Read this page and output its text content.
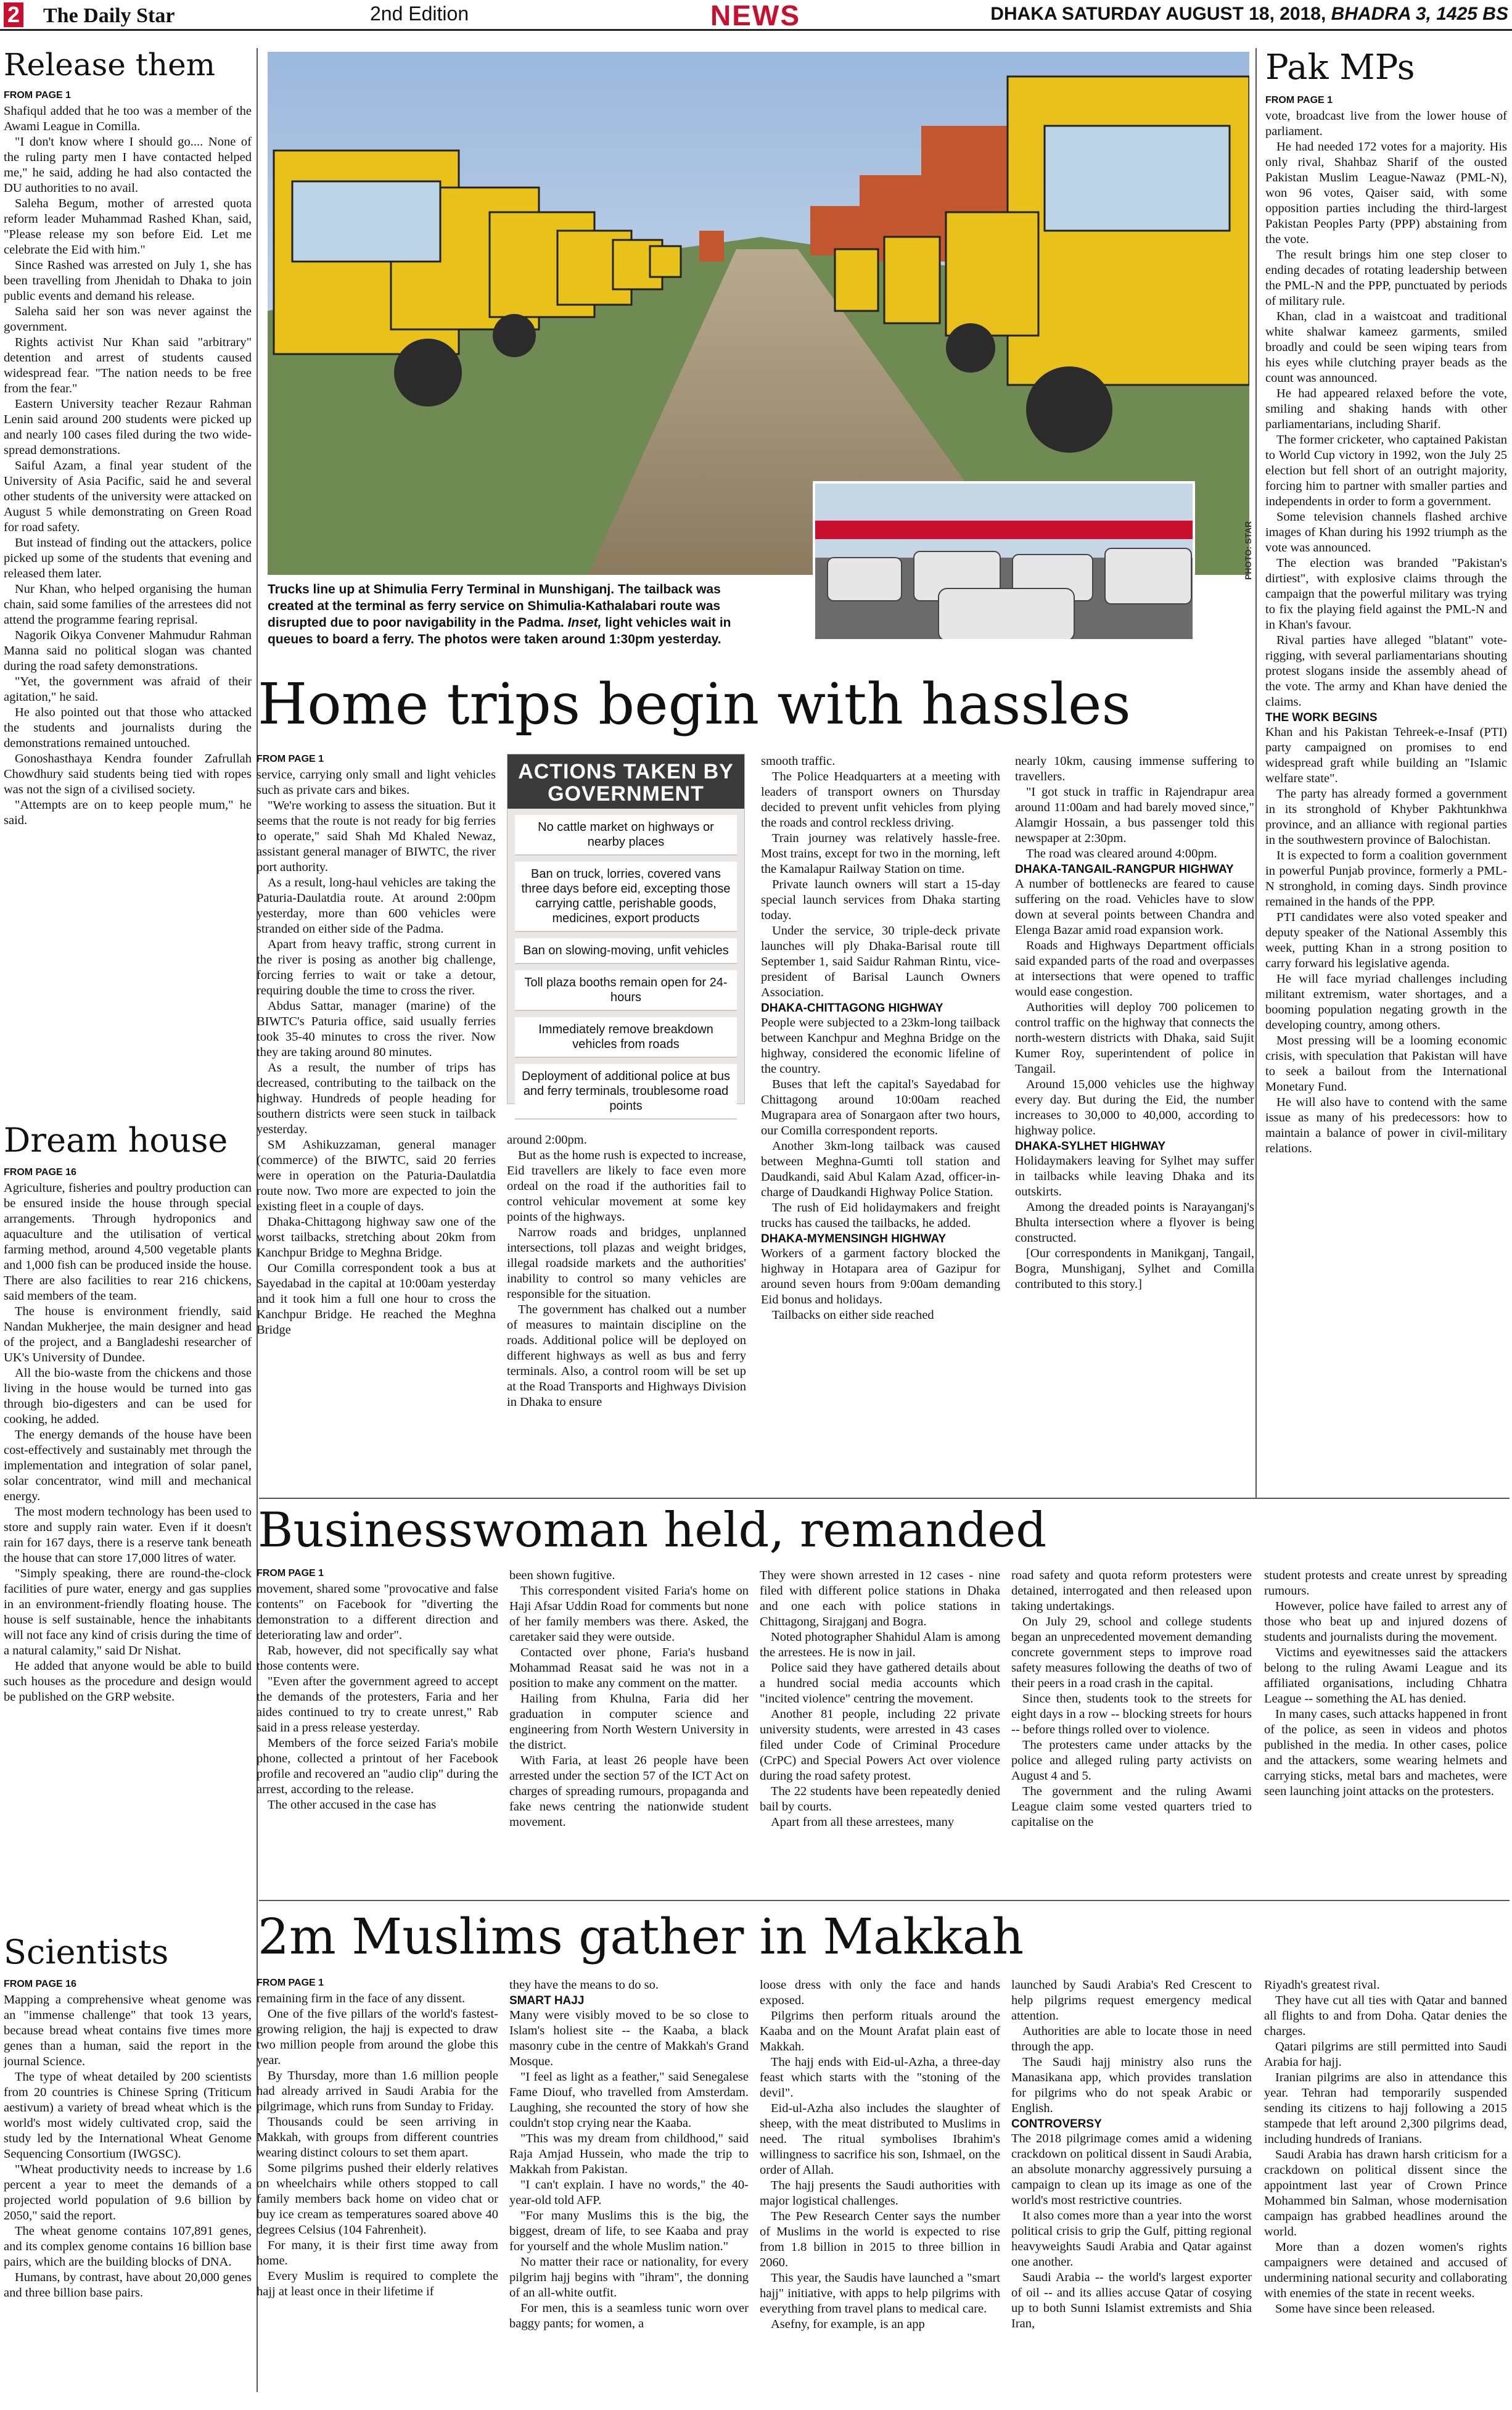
2 The Daily Star	2nd Edition	NEWS	DHAKA SATURDAY AUGUST 18, 2018, BHADRA 3, 1425 BS
Release them
FROM PAGE 1

Shafiqul added that he too was a member of the Awami League in Comilla.

"I don't know where I should go.... None of the ruling party men I have contacted helped me," he said, adding he had also contacted the DU authorities to no avail.

Saleha Begum, mother of arrested quota reform leader Muhammad Rashed Khan, said, "Please release my son before Eid. Let me celebrate the Eid with him."

Since Rashed was arrested on July 1, she has been travelling from Jhenidah to Dhaka to join public events and demand his release.

Saleha said her son was never against the government.

Rights activist Nur Khan said "arbitrary" detention and arrest of students caused widespread fear. "The nation needs to be free from the fear."

Eastern University teacher Rezaur Rahman Lenin said around 200 students were picked up and nearly 100 cases filed during the two wide-spread demonstrations.

Saiful Azam, a final year student of the University of Asia Pacific, said he and several other students of the university were attacked on August 5 while demonstrating on Green Road for road safety.

But instead of finding out the attackers, police picked up some of the students that evening and released them later.

Nur Khan, who helped organising the human chain, said some families of the arrestees did not attend the programme fearing reprisal.

Nagorik Oikya Convener Mahmudur Rahman Manna said no political slogan was chanted during the road safety demonstrations.

"Yet, the government was afraid of their agitation," he said.

He also pointed out that those who attacked the students and journalists during the demonstrations remained untouched.

Gonoshasthaya Kendra founder Zafrullah Chowdhury said students being tied with ropes was not the sign of a civilised society.

"Attempts are on to keep people mum," he said.

Dream house
FROM PAGE 16

Agriculture, fisheries and poultry production can be ensured inside the house through special arrangements. Through hydroponics and aquaculture and the utilisation of vertical farming method, around 4,500 vegetable plants and 1,000 fish can be produced inside the house. There are also facilities to rear 216 chickens, said members of the team.

The house is environment friendly, said Nandan Mukherjee, the main designer and head of the project, and a Bangladeshi researcher of UK's University of Dundee.

All the bio-waste from the chickens and those living in the house would be turned into gas through bio-digesters and can be used for cooking, he added.

The energy demands of the house have been cost-effectively and sustainably met through the implementation and integration of solar panel, solar concentrator, wind mill and mechanical energy.

The most modern technology has been used to store and supply rain water. Even if it doesn't rain for 167 days, there is a reserve tank beneath the house that can store 17,000 litres of water.

"Simply speaking, there are round-the-clock facilities of pure water, energy and gas supplies in an environment-friendly floating house. The house is self sustainable, hence the inhabitants will not face any kind of crisis during the time of a natural calamity," said Dr Nishat.

He added that anyone would be able to build such houses as the procedure and design would be published on the GRP website.

Scientists
FROM PAGE 16

Mapping a comprehensive wheat genome was an "immense challenge" that took 13 years, because bread wheat contains five times more genes than a human, said the report in the journal Science.

The type of wheat detailed by 200 scientists from 20 countries is Chinese Spring (Triticum aestivum) a variety of bread wheat which is the world's most widely cultivated crop, said the study led by the International Wheat Genome Sequencing Consortium (IWGSC).

"Wheat productivity needs to increase by 1.6 percent a year to meet the demands of a projected world population of 9.6 billion by 2050," said the report.

The wheat genome contains 107,891 genes, and its complex genome contains 16 billion base pairs, which are the building blocks of DNA.

Humans, by contrast, have about 20,000 genes and three billion base pairs.

PHOTO: STAR
Trucks line up at Shimulia Ferry Terminal in Munshiganj. The tailback was created at the terminal as ferry service on Shimulia-Kathalabari route was disrupted due to poor navigability in the Padma. Inset, light vehicles wait in queues to board a ferry. The photos were taken around 1:30pm yesterday.
Home trips begin with hassles
FROM PAGE 1

service, carrying only small and light vehicles such as private cars and bikes.

"We're working to assess the situation. But it seems that the route is not ready for big ferries to operate," said Shah Md Khaled Newaz, assistant general manager of BIWTC, the river port authority.

As a result, long-haul vehicles are taking the Paturia-Daulatdia route. At around 2:00pm yesterday, more than 600 vehicles were stranded on either side of the Padma.

Apart from heavy traffic, strong current in the river is posing as another big challenge, forcing ferries to wait or take a detour, requiring double the time to cross the river.

Abdus Sattar, manager (marine) of the BIWTC's Paturia office, said usually ferries took 35-40 minutes to cross the river. Now they are taking around 80 minutes.

As a result, the number of trips has decreased, contributing to the tailback on the highway. Hundreds of people heading for southern districts were seen stuck in tailback yesterday.

SM Ashikuzzaman, general manager (commerce) of the BIWTC, said 20 ferries were in operation on the Paturia-Daulatdia route now. Two more are expected to join the existing fleet in a couple of days.

Dhaka-Chittagong highway saw one of the worst tailbacks, stretching about 20km from Kanchpur Bridge to Meghna Bridge.

Our Comilla correspondent took a bus at Sayedabad in the capital at 10:00am yesterday and it took him a full one hour to cross the Kanchpur Bridge. He reached the Meghna Bridge

ACTIONS TAKEN BY GOVERNMENT
No cattle market on highways or nearby places
Ban on truck, lorries, covered vans three days before eid, excepting those carrying cattle, perishable goods, medicines, export products
Ban on slowing-moving, unfit vehicles
Toll plaza booths remain open for 24-hours
Immediately remove breakdown vehicles from roads
Deployment of additional police at bus and ferry terminals, troublesome road points

around 2:00pm.

But as the home rush is expected to increase, Eid travellers are likely to face even more ordeal on the road if the authorities fail to control vehicular movement at some key points of the highways.

Narrow roads and bridges, unplanned intersections, toll plazas and weight bridges, illegal roadside markets and the authorities' inability to control so many vehicles are responsible for the situation.

The government has chalked out a number of measures to maintain discipline on the roads. Additional police will be deployed on different highways as well as bus and ferry terminals. Also, a control room will be set up at the Road Transports and Highways Division in Dhaka to ensure

smooth traffic.

The Police Headquarters at a meeting with leaders of transport owners on Thursday decided to prevent unfit vehicles from plying the roads and control reckless driving.

Train journey was relatively hassle-free. Most trains, except for two in the morning, left the Kamalapur Railway Station on time.

Private launch owners will start a 15-day special launch services from Dhaka starting today.

Under the service, 30 triple-deck private launches will ply Dhaka-Barisal route till September 1, said Saidur Rahman Rintu, vice-president of Barisal Launch Owners Association.

DHAKA-CHITTAGONG HIGHWAY

People were subjected to a 23km-long tailback between Kanchpur and Meghna Bridge on the highway, considered the economic lifeline of the country.

Buses that left the capital's Sayedabad for Chittagong around 10:00am reached Mugrapara area of Sonargaon after two hours, our Comilla correspondent reports.

Another 3km-long tailback was caused between Meghna-Gumti toll station and Daudkandi, said Abul Kalam Azad, officer-in-charge of Daudkandi Highway Police Station.

The rush of Eid holidaymakers and freight trucks has caused the tailbacks, he added.

DHAKA-MYMENSINGH HIGHWAY

Workers of a garment factory blocked the highway in Hotapara area of Gazipur for around seven hours from 9:00am demanding Eid bonus and holidays.

Tailbacks on either side reached

nearly 10km, causing immense suffering to travellers.

"I got stuck in traffic in Rajendrapur area around 11:00am and had barely moved since," Alamgir Hossain, a bus passenger told this newspaper at 2:30pm.

The road was cleared around 4:00pm.

DHAKA-TANGAIL-RANGPUR HIGHWAY

A number of bottlenecks are feared to cause suffering on the road. Vehicles have to slow down at several points between Chandra and Elenga Bazar amid road expansion work.

Roads and Highways Department officials said expanded parts of the road and overpasses at intersections that were opened to traffic would ease congestion.

Authorities will deploy 700 policemen to control traffic on the highway that connects the north-western districts with Dhaka, said Sujit Kumer Roy, superintendent of police in Tangail.

Around 15,000 vehicles use the highway every day. But during the Eid, the number increases to 30,000 to 40,000, according to highway police.

DHAKA-SYLHET HIGHWAY

Holidaymakers leaving for Sylhet may suffer in tailbacks while leaving Dhaka and its outskirts.

Among the dreaded points is Narayanganj's Bhulta intersection where a flyover is being constructed.

[Our correspondents in Manikganj, Tangail, Bogra, Munshiganj, Sylhet and Comilla contributed to this story.]

Pak MPs
FROM PAGE 1

vote, broadcast live from the lower house of parliament.

He had needed 172 votes for a majority. His only rival, Shahbaz Sharif of the ousted Pakistan Muslim League-Nawaz (PML-N), won 96 votes, Qaiser said, with some opposition parties including the third-largest Pakistan Peoples Party (PPP) abstaining from the vote.

The result brings him one step closer to ending decades of rotating leadership between the PML-N and the PPP, punctuated by periods of military rule.

Khan, clad in a waistcoat and traditional white shalwar kameez garments, smiled broadly and could be seen wiping tears from his eyes while clutching prayer beads as the count was announced.

He had appeared relaxed before the vote, smiling and shaking hands with other parliamentarians, including Sharif.

The former cricketer, who captained Pakistan to World Cup victory in 1992, won the July 25 election but fell short of an outright majority, forcing him to partner with smaller parties and independents in order to form a government.

Some television channels flashed archive images of Khan during his 1992 triumph as the vote was announced.

The election was branded "Pakistan's dirtiest", with explosive claims through the campaign that the powerful military was trying to fix the playing field against the PML-N and in Khan's favour.

Rival parties have alleged "blatant" vote-rigging, with several parliamentarians shouting protest slogans inside the assembly ahead of the vote. The army and Khan have denied the claims.

THE WORK BEGINS

Khan and his Pakistan Tehreek-e-Insaf (PTI) party campaigned on promises to end widespread graft while building an "Islamic welfare state".

The party has already formed a government in its stronghold of Khyber Pakhtunkhwa province, and an alliance with regional parties in the southwestern province of Balochistan.

It is expected to form a coalition government in powerful Punjab province, formerly a PML-N stronghold, in coming days. Sindh province remained in the hands of the PPP.

PTI candidates were also voted speaker and deputy speaker of the National Assembly this week, putting Khan in a strong position to carry forward his legislative agenda.

He will face myriad challenges including militant extremism, water shortages, and a booming population negating growth in the developing country, among others.

Most pressing will be a looming economic crisis, with speculation that Pakistan will have to seek a bailout from the International Monetary Fund.

He will also have to contend with the same issue as many of his predecessors: how to maintain a balance of power in civil-military relations.

Businesswoman held, remanded
FROM PAGE 1

movement, shared some "provocative and false contents" on Facebook for "diverting the demonstration to a different direction and deteriorating law and order".

Rab, however, did not specifically say what those contents were.

"Even after the government agreed to accept the demands of the protesters, Faria and her aides continued to try to create unrest," Rab said in a press release yesterday.

Members of the force seized Faria's mobile phone, collected a printout of her Facebook profile and recovered an "audio clip" during the arrest, according to the release.

The other accused in the case has

been shown fugitive.

This correspondent visited Faria's home on Haji Afsar Uddin Road for comments but none of her family members was there. Asked, the caretaker said they were outside.

Contacted over phone, Faria's husband Mohammad Reasat said he was not in a position to make any comment on the matter.

Hailing from Khulna, Faria did her graduation in computer science and engineering from North Western University in the district.

With Faria, at least 26 people have been arrested under the section 57 of the ICT Act on charges of spreading rumours, propaganda and fake news centring the nationwide student movement.

They were shown arrested in 12 cases - nine filed with different police stations in Dhaka and one each with police stations in Chittagong, Sirajganj and Bogra.

Noted photographer Shahidul Alam is among the arrestees. He is now in jail.

Police said they have gathered details about a hundred social media accounts which "incited violence" centring the movement.

Another 81 people, including 22 private university students, were arrested in 43 cases filed under Code of Criminal Procedure (CrPC) and Special Powers Act over violence during the road safety protest.

The 22 students have been repeatedly denied bail by courts.

Apart from all these arrestees, many

road safety and quota reform protesters were detained, interrogated and then released upon taking undertakings.

On July 29, school and college students began an unprecedented movement demanding concrete government steps to improve road safety measures following the deaths of two of their peers in a road crash in the capital.

Since then, students took to the streets for eight days in a row -- blocking streets for hours -- before things rolled over to violence.

The protesters came under attacks by the police and alleged ruling party activists on August 4 and 5.

The government and the ruling Awami League claim some vested quarters tried to capitalise on the

student protests and create unrest by spreading rumours.

However, police have failed to arrest any of those who beat up and injured dozens of students and journalists during the movement.

Victims and eyewitnesses said the attackers belong to the ruling Awami League and its affiliated organisations, including Chhatra League -- something the AL has denied.

In many cases, such attacks happened in front of the police, as seen in videos and photos published in the media. In other cases, police and the attackers, some wearing helmets and carrying sticks, metal bars and machetes, were seen launching joint attacks on the protesters.

2m Muslims gather in Makkah
FROM PAGE 1

remaining firm in the face of any dissent.

One of the five pillars of the world's fastest-growing religion, the hajj is expected to draw two million people from around the globe this year.

By Thursday, more than 1.6 million people had already arrived in Saudi Arabia for the pilgrimage, which runs from Sunday to Friday.

Thousands could be seen arriving in Makkah, with groups from different countries wearing distinct colours to set them apart.

Some pilgrims pushed their elderly relatives on wheelchairs while others stopped to call family members back home on video chat or buy ice cream as temperatures soared above 40 degrees Celsius (104 Fahrenheit).

For many, it is their first time away from home.

Every Muslim is required to complete the hajj at least once in their lifetime if

they have the means to do so.

SMART HAJJ

Many were visibly moved to be so close to Islam's holiest site -- the Kaaba, a black masonry cube in the centre of Makkah's Grand Mosque.

"I feel as light as a feather," said Senegalese Fame Diouf, who travelled from Amsterdam. Laughing, she recounted the story of how she couldn't stop crying near the Kaaba.

"This was my dream from childhood," said Raja Amjad Hussein, who made the trip to Makkah from Pakistan.

"I can't explain. I have no words," the 40-year-old told AFP.

"For many Muslims this is the big, the biggest, dream of life, to see Kaaba and pray for yourself and the whole Muslim nation."

No matter their race or nationality, for every pilgrim hajj begins with "ihram", the donning of an all-white outfit.

For men, this is a seamless tunic worn over baggy pants; for women, a

loose dress with only the face and hands exposed.

Pilgrims then perform rituals around the Kaaba and on the Mount Arafat plain east of Makkah.

The hajj ends with Eid-ul-Azha, a three-day feast which starts with the "stoning of the devil".

Eid-ul-Azha also includes the slaughter of sheep, with the meat distributed to Muslims in need. The ritual symbolises Ibrahim's willingness to sacrifice his son, Ishmael, on the order of Allah.

The hajj presents the Saudi authorities with major logistical challenges.

The Pew Research Center says the number of Muslims in the world is expected to rise from 1.8 billion in 2015 to three billion in 2060.

This year, the Saudis have launched a "smart hajj" initiative, with apps to help pilgrims with everything from travel plans to medical care.

Asefny, for example, is an app

launched by Saudi Arabia's Red Crescent to help pilgrims request emergency medical attention.

Authorities are able to locate those in need through the app.

The Saudi hajj ministry also runs the Manasikana app, which provides translation for pilgrims who do not speak Arabic or English.

CONTROVERSY

The 2018 pilgrimage comes amid a widening crackdown on political dissent in Saudi Arabia, an absolute monarchy aggressively pursuing a campaign to clean up its image as one of the world's most restrictive countries.

It also comes more than a year into the worst political crisis to grip the Gulf, pitting regional heavyweights Saudi Arabia and Qatar against one another.

Saudi Arabia -- the world's largest exporter of oil -- and its allies accuse Qatar of cosying up to both Sunni Islamist extremists and Shia Iran,

Riyadh's greatest rival.

They have cut all ties with Qatar and banned all flights to and from Doha. Qatar denies the charges.

Qatari pilgrims are still permitted into Saudi Arabia for hajj.

Iranian pilgrims are also in attendance this year. Tehran had temporarily suspended sending its citizens to hajj following a 2015 stampede that left around 2,300 pilgrims dead, including hundreds of Iranians.

Saudi Arabia has drawn harsh criticism for a crackdown on political dissent since the appointment last year of Crown Prince Mohammed bin Salman, whose modernisation campaign has grabbed headlines around the world.

More than a dozen women's rights campaigners were detained and accused of undermining national security and collaborating with enemies of the state in recent weeks.

Some have since been released.
